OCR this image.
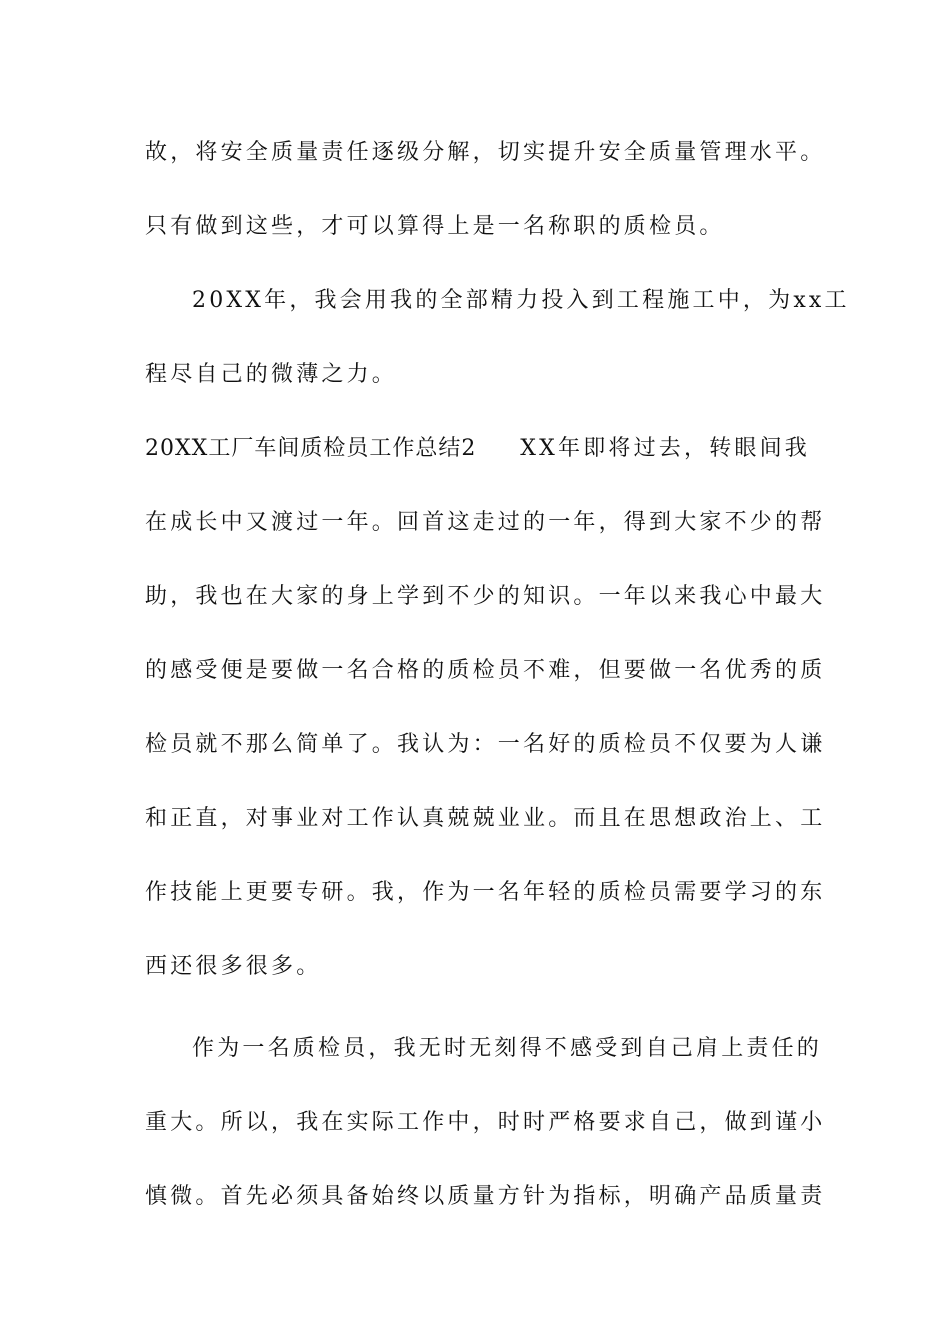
故，将安全质量责任逐级分解，切实提升安全质量管理水平。
只有做到这些，才可以算得上是一名称职的质检员。
20XX年，我会用我的全部精力投入到工程施工中，为xx工
程尽自己的微薄之力。
20XX工厂车间质检员工作总结2 XX年即将过去，转眼间我
在成长中又渡过一年。回首这走过的一年，得到大家不少的帮
助，我也在大家的身上学到不少的知识。一年以来我心中最大
的感受便是要做一名合格的质检员不难，但要做一名优秀的质
检员就不那么简单了。我认为：一名好的质检员不仅要为人谦
和正直，对事业对工作认真兢兢业业。而且在思想政治上、工
作技能上更要专研。我，作为一名年轻的质检员需要学习的东
西还很多很多。
作为一名质检员，我无时无刻得不感受到自己肩上责任的
重大。所以，我在实际工作中，时时严格要求自己，做到谨小
慎微。首先必须具备始终以质量方针为指标，明确产品质量责
